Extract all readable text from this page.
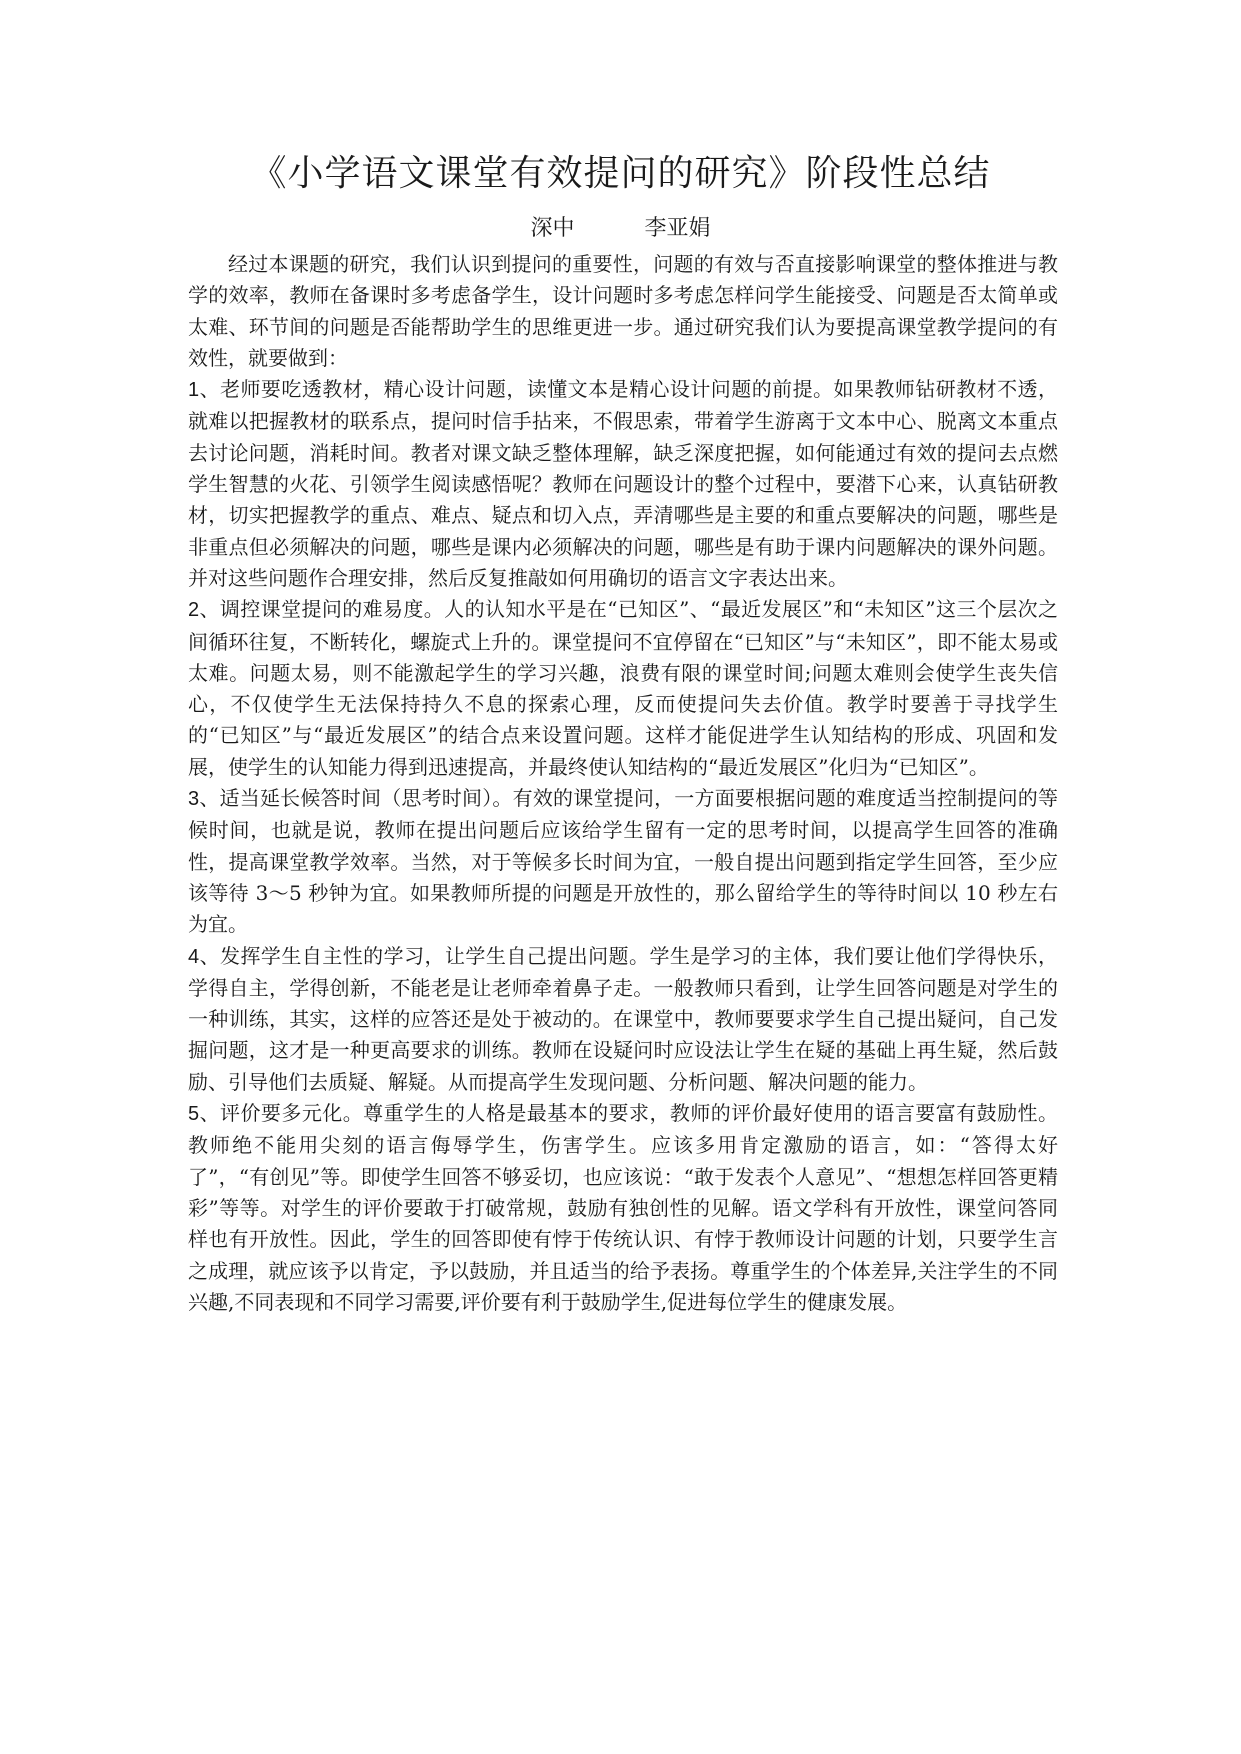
《小学语文课堂有效提问的研究》阶段性总结
深中	李亚娟

经过本课题的研究，我们认识到提问的重要性，问题的有效与否直接影响课堂的整体推进与教学的效率，教师在备课时多考虑备学生，设计问题时多考虑怎样问学生能接受、问题是否太简单或太难、环节间的问题是否能帮助学生的思维更进一步。通过研究我们认为要提高课堂教学提问的有效性，就要做到：

1、老师要吃透教材，精心设计问题，读懂文本是精心设计问题的前提。如果教师钻研教材不透，就难以把握教材的联系点，提问时信手拈来，不假思索，带着学生游离于文本中心、脱离文本重点去讨论问题，消耗时间。教者对课文缺乏整体理解，缺乏深度把握，如何能通过有效的提问去点燃学生智慧的火花、引领学生阅读感悟呢？教师在问题设计的整个过程中，要潜下心来，认真钻研教材，切实把握教学的重点、难点、疑点和切入点，弄清哪些是主要的和重点要解决的问题，哪些是非重点但必须解决的问题，哪些是课内必须解决的问题，哪些是有助于课内问题解决的课外问题。并对这些问题作合理安排，然后反复推敲如何用确切的语言文字表达出来。

2、调控课堂提问的难易度。人的认知水平是在“已知区”、“最近发展区”和“未知区”这三个层次之间循环往复，不断转化，螺旋式上升的。课堂提问不宜停留在“已知区”与“未知区”，即不能太易或太难。问题太易，则不能激起学生的学习兴趣，浪费有限的课堂时间;问题太难则会使学生丧失信心，不仅使学生无法保持持久不息的探索心理，反而使提问失去价值。教学时要善于寻找学生的“已知区”与“最近发展区”的结合点来设置问题。这样才能促进学生认知结构的形成、巩固和发展，使学生的认知能力得到迅速提高，并最终使认知结构的“最近发展区”化归为“已知区”。

3、适当延长候答时间（思考时间）。有效的课堂提问，一方面要根据问题的难度适当控制提问的等候时间，也就是说，教师在提出问题后应该给学生留有一定的思考时间，以提高学生回答的准确性，提高课堂教学效率。当然，对于等候多长时间为宜，一般自提出问题到指定学生回答，至少应该等待 3～5 秒钟为宜。如果教师所提的问题是开放性的，那么留给学生的等待时间以 10 秒左右为宜。

4、发挥学生自主性的学习，让学生自己提出问题。学生是学习的主体，我们要让他们学得快乐，学得自主，学得创新，不能老是让老师牵着鼻子走。一般教师只看到，让学生回答问题是对学生的一种训练，其实，这样的应答还是处于被动的。在课堂中，教师要要求学生自己提出疑问，自己发掘问题，这才是一种更高要求的训练。教师在设疑问时应设法让学生在疑的基础上再生疑，然后鼓励、引导他们去质疑、解疑。从而提高学生发现问题、分析问题、解决问题的能力。

5、评价要多元化。尊重学生的人格是最基本的要求，教师的评价最好使用的语言要富有鼓励性。教师绝不能用尖刻的语言侮辱学生，伤害学生。应该多用肯定激励的语言，如：“答得太好了”，“有创见”等。即使学生回答不够妥切，也应该说：“敢于发表个人意见”、“想想怎样回答更精彩”等等。对学生的评价要敢于打破常规，鼓励有独创性的见解。语文学科有开放性，课堂问答同样也有开放性。因此，学生的回答即使有悖于传统认识、有悖于教师设计问题的计划，只要学生言之成理，就应该予以肯定，予以鼓励，并且适当的给予表扬。尊重学生的个体差异,关注学生的不同兴趣,不同表现和不同学习需要,评价要有利于鼓励学生,促进每位学生的健康发展。
